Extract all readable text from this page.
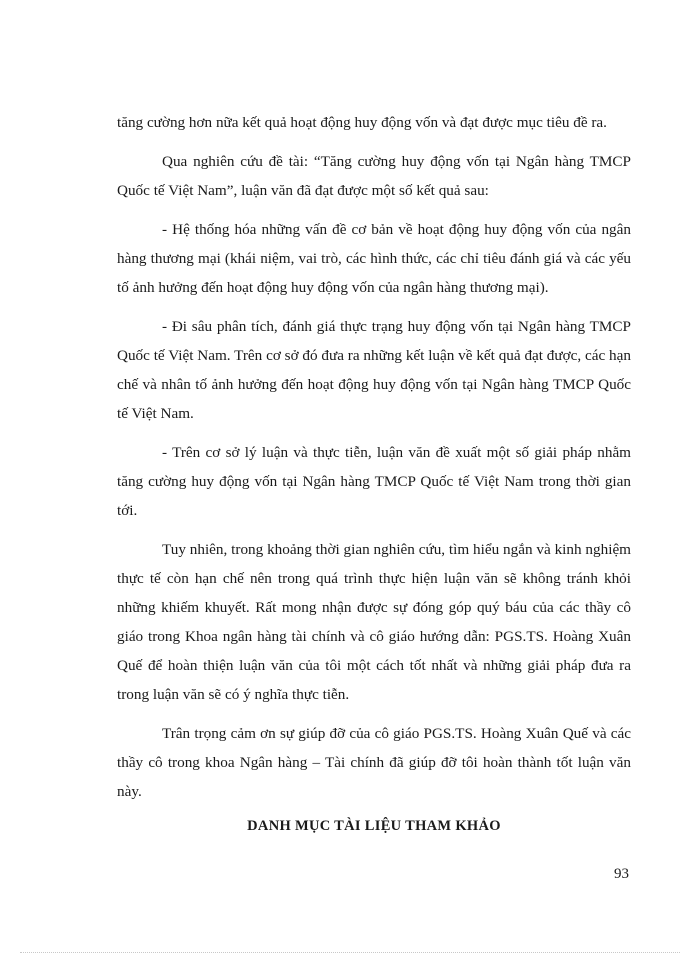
tăng cường hơn nữa kết quả hoạt động huy động vốn và đạt được mục tiêu đề ra.

Qua nghiên cứu đề tài: “Tăng cường huy động vốn tại Ngân hàng TMCP Quốc tế Việt Nam”, luận văn đã đạt được một số kết quả sau:

- Hệ thống hóa những vấn đề cơ bản về hoạt động huy động vốn của ngân hàng thương mại (khái niệm, vai trò, các hình thức, các chỉ tiêu đánh giá và các yếu tố ảnh hưởng đến hoạt động huy động vốn của ngân hàng thương mại).

- Đi sâu phân tích, đánh giá thực trạng huy động vốn tại Ngân hàng TMCP Quốc tế Việt Nam. Trên cơ sở đó đưa ra những kết luận về kết quả đạt được, các hạn chế và nhân tố ảnh hưởng đến hoạt động huy động vốn tại Ngân hàng TMCP Quốc tế Việt Nam.

- Trên cơ sở lý luận và thực tiễn, luận văn đề xuất một số giải pháp nhằm tăng cường huy động vốn tại Ngân hàng TMCP Quốc tế Việt Nam trong thời gian tới.

Tuy nhiên, trong khoảng thời gian nghiên cứu, tìm hiểu ngắn và kinh nghiệm thực tế còn hạn chế nên trong quá trình thực hiện luận văn sẽ không tránh khỏi những khiếm khuyết. Rất mong nhận được sự đóng góp quý báu của các thầy cô giáo trong Khoa ngân hàng tài chính và cô giáo hướng dẫn: PGS.TS. Hoàng Xuân Quế để hoàn thiện luận văn của tôi một cách tốt nhất và những giải pháp đưa ra trong luận văn sẽ có ý nghĩa thực tiễn.

Trân trọng cảm ơn sự giúp đỡ của cô giáo PGS.TS. Hoàng Xuân Quế và các thầy cô trong khoa Ngân hàng – Tài chính đã giúp đỡ tôi hoàn thành tốt luận văn này.

DANH MỤC TÀI LIỆU THAM KHẢO
93
